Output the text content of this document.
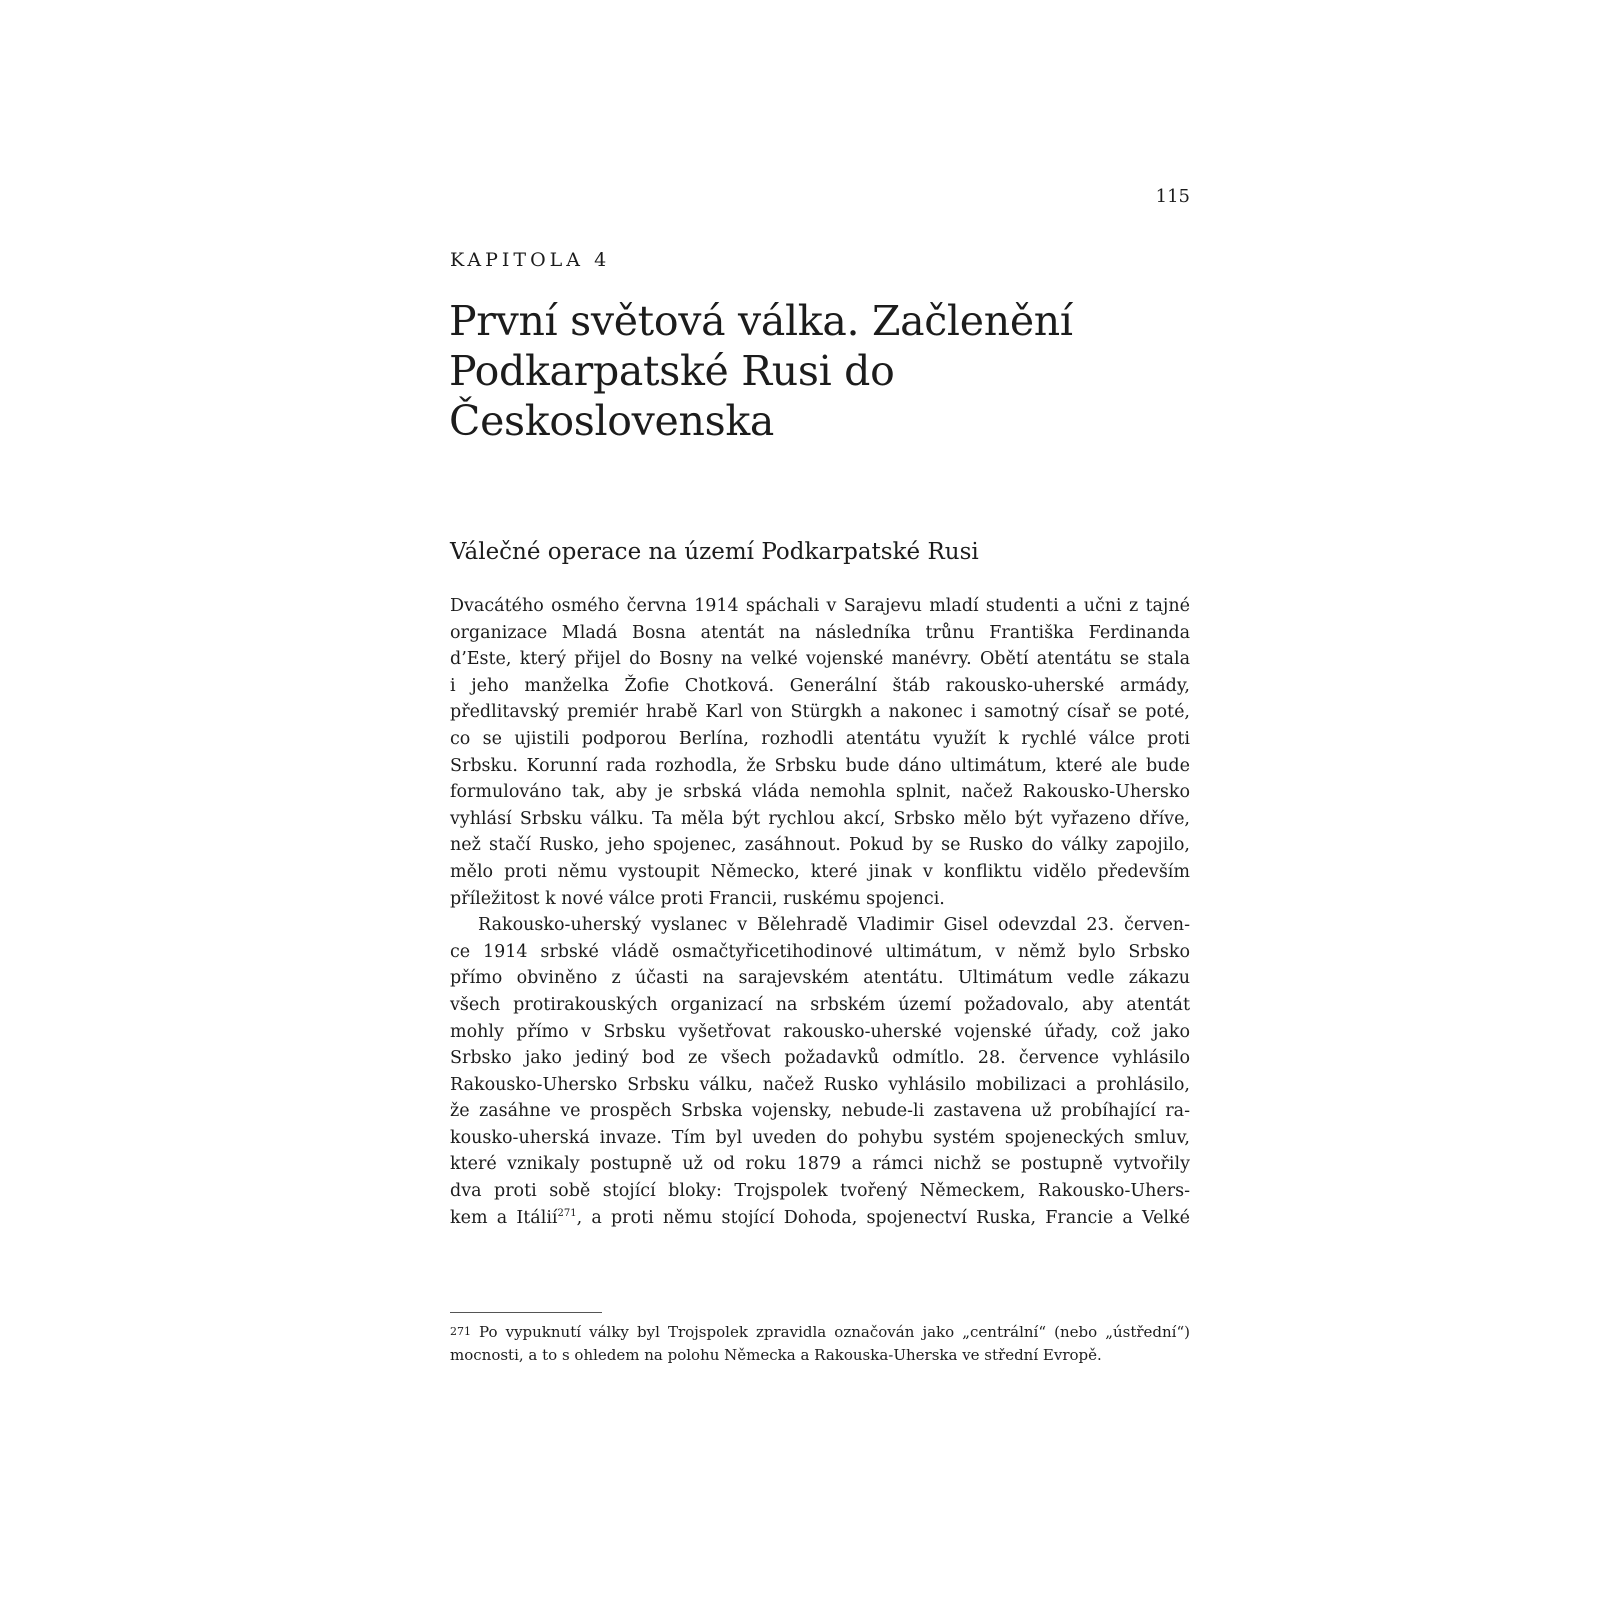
115
KAPITOLA 4
První světová válka. Začlenění
Podkarpatské Rusi do Československa
Válečné operace na území Podkarpatské Rusi

Dvacátého osmého června 1914 spáchali v Sarajevu mladí studenti a učni z tajné
organizace Mladá Bosna atentát na následníka trůnu Františka Ferdinanda
d’Este, který přijel do Bosny na velké vojenské manévry. Obětí atentátu se stala
i jeho manželka Žofie Chotková. Generální štáb rakousko-uherské armády,
předlitavský premiér hrabě Karl von Stürgkh a nakonec i samotný císař se poté,
co se ujistili podporou Berlína, rozhodli atentátu využít k rychlé válce proti
Srbsku. Korunní rada rozhodla, že Srbsku bude dáno ultimátum, které ale bude
formulováno tak, aby je srbská vláda nemohla splnit, načež Rakousko-Uhersko
vyhlásí Srbsku válku. Ta měla být rychlou akcí, Srbsko mělo být vyřazeno dříve,
než stačí Rusko, jeho spojenec, zasáhnout. Pokud by se Rusko do války zapojilo,
mělo proti němu vystoupit Německo, které jinak v konfliktu vidělo především
příležitost k nové válce proti Francii, ruskému spojenci.

Rakousko-uherský vyslanec v Bělehradě Vladimir Gisel odevzdal 23. červen-
ce 1914 srbské vládě osmačtyřicetihodinové ultimátum, v němž bylo Srbsko
přímo obviněno z účasti na sarajevském atentátu. Ultimátum vedle zákazu
všech protirakouských organizací na srbském území požadovalo, aby atentát
mohly přímo v Srbsku vyšetřovat rakousko-uherské vojenské úřady, což jako
Srbsko jako jediný bod ze všech požadavků odmítlo. 28. července vyhlásilo
Rakousko-Uhersko Srbsku válku, načež Rusko vyhlásilo mobilizaci a prohlásilo,
že zasáhne ve prospěch Srbska vojensky, nebude-li zastavena už probíhající ra-
kousko-uherská invaze. Tím byl uveden do pohybu systém spojeneckých smluv,
které vznikaly postupně už od roku 1879 a rámci nichž se postupně vytvořily
dva proti sobě stojící bloky: Trojspolek tvořený Německem, Rakousko-Uhers-
kem a Itálií$^{271}$, a proti němu stojící Dohoda, spojenectví Ruska, Francie a Velké

271 Po vypuknutí války byl Trojspolek zpravidla označován jako „centrální“ (nebo „ústřední“)
mocnosti, a to s ohledem na polohu Německa a Rakouska-Uherska ve střední Evropě.
